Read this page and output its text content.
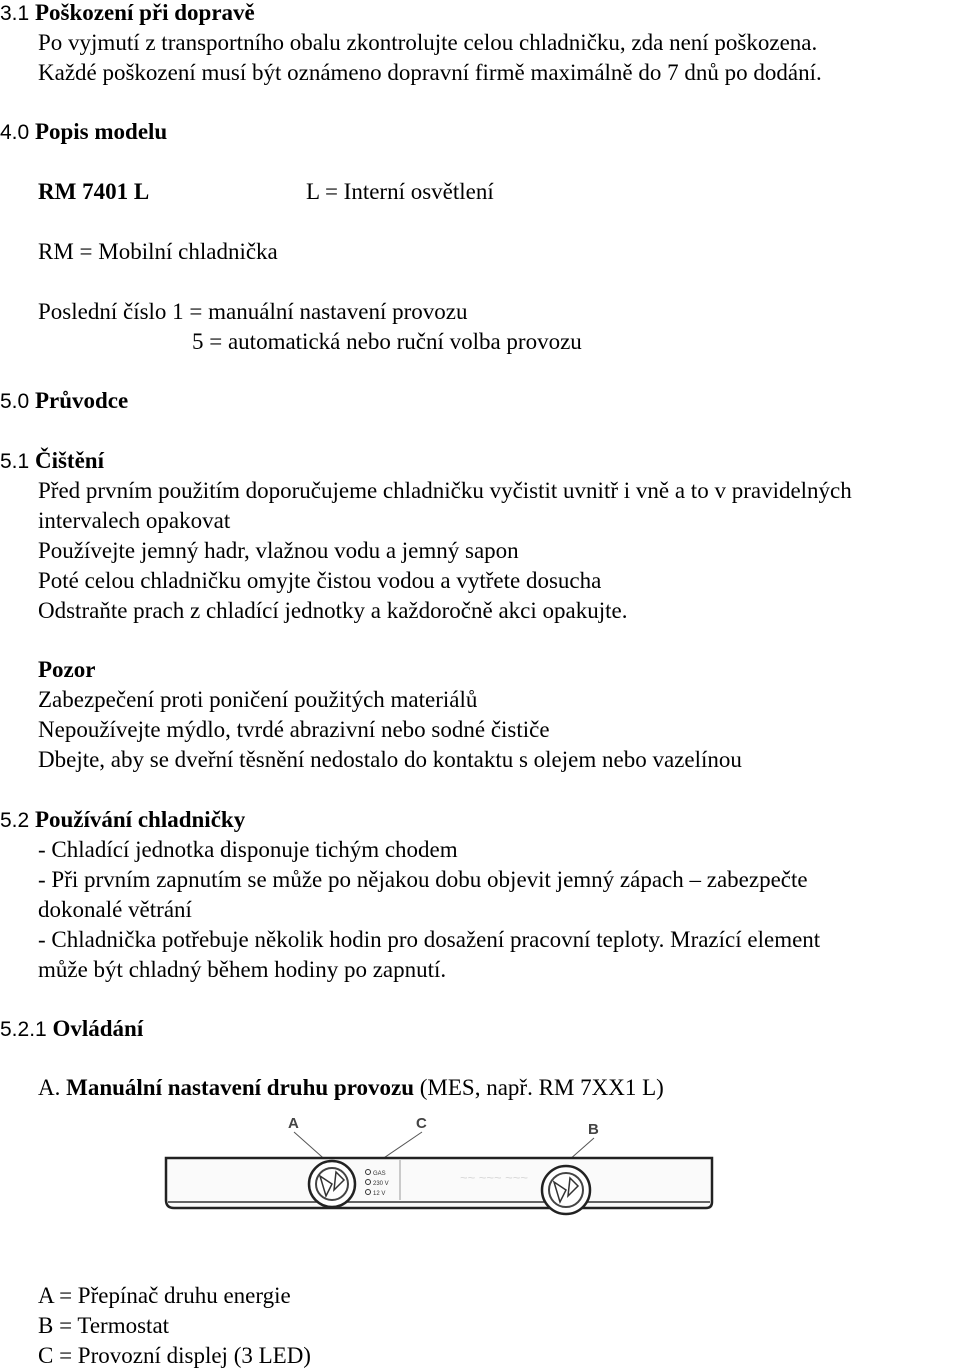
3.1 Poškození při dopravě
Po vyjmutí z transportního obalu zkontrolujte celou chladničku, zda není poškozena.
Každé poškození musí být oznámeno dopravní firmě maximálně do 7 dnů po dodání.
4.0 Popis modelu
RM 7401 L	L = Interní osvětlení
RM = Mobilní chladnička
Poslední číslo 1 = manuální nastavení provozu
5 = automatická nebo ruční volba provozu
5.0 Průvodce
5.1 Čištění
Před prvním použitím doporučujeme chladničku vyčistit uvnitř i vně a to v pravidelných
intervalech opakovat
Používejte jemný hadr, vlažnou vodu a jemný sapon
Poté celou chladničku omyjte čistou vodou a vytřete dosucha
Odstraňte prach z chladící jednotky a každoročně akci opakujte.
Pozor
Zabezpečení proti poničení použitých materiálů
Nepoužívejte mýdlo, tvrdé abrazivní nebo sodné čističe
Dbejte, aby se dveřní těsnění nedostalo do kontaktu s olejem nebo vazelínou
5.2 Používání chladničky
- Chladící jednotka disponuje tichým chodem
- Při prvním zapnutím se může po nějakou dobu objevit jemný zápach – zabezpečte
dokonalé větrání
- Chladnička potřebuje několik hodin pro dosažení pracovní teploty. Mrazící element
může být chladný během hodiny po zapnutí.
5.2.1 Ovládání
A. Manuální nastavení druhu provozu (MES, např. RM 7XX1 L)
A	C	B
~~ ~~~ ~~~
GAS
230 V
12 V
A = Přepínač druhu energie
B = Termostat
C = Provozní displej (3 LED)
